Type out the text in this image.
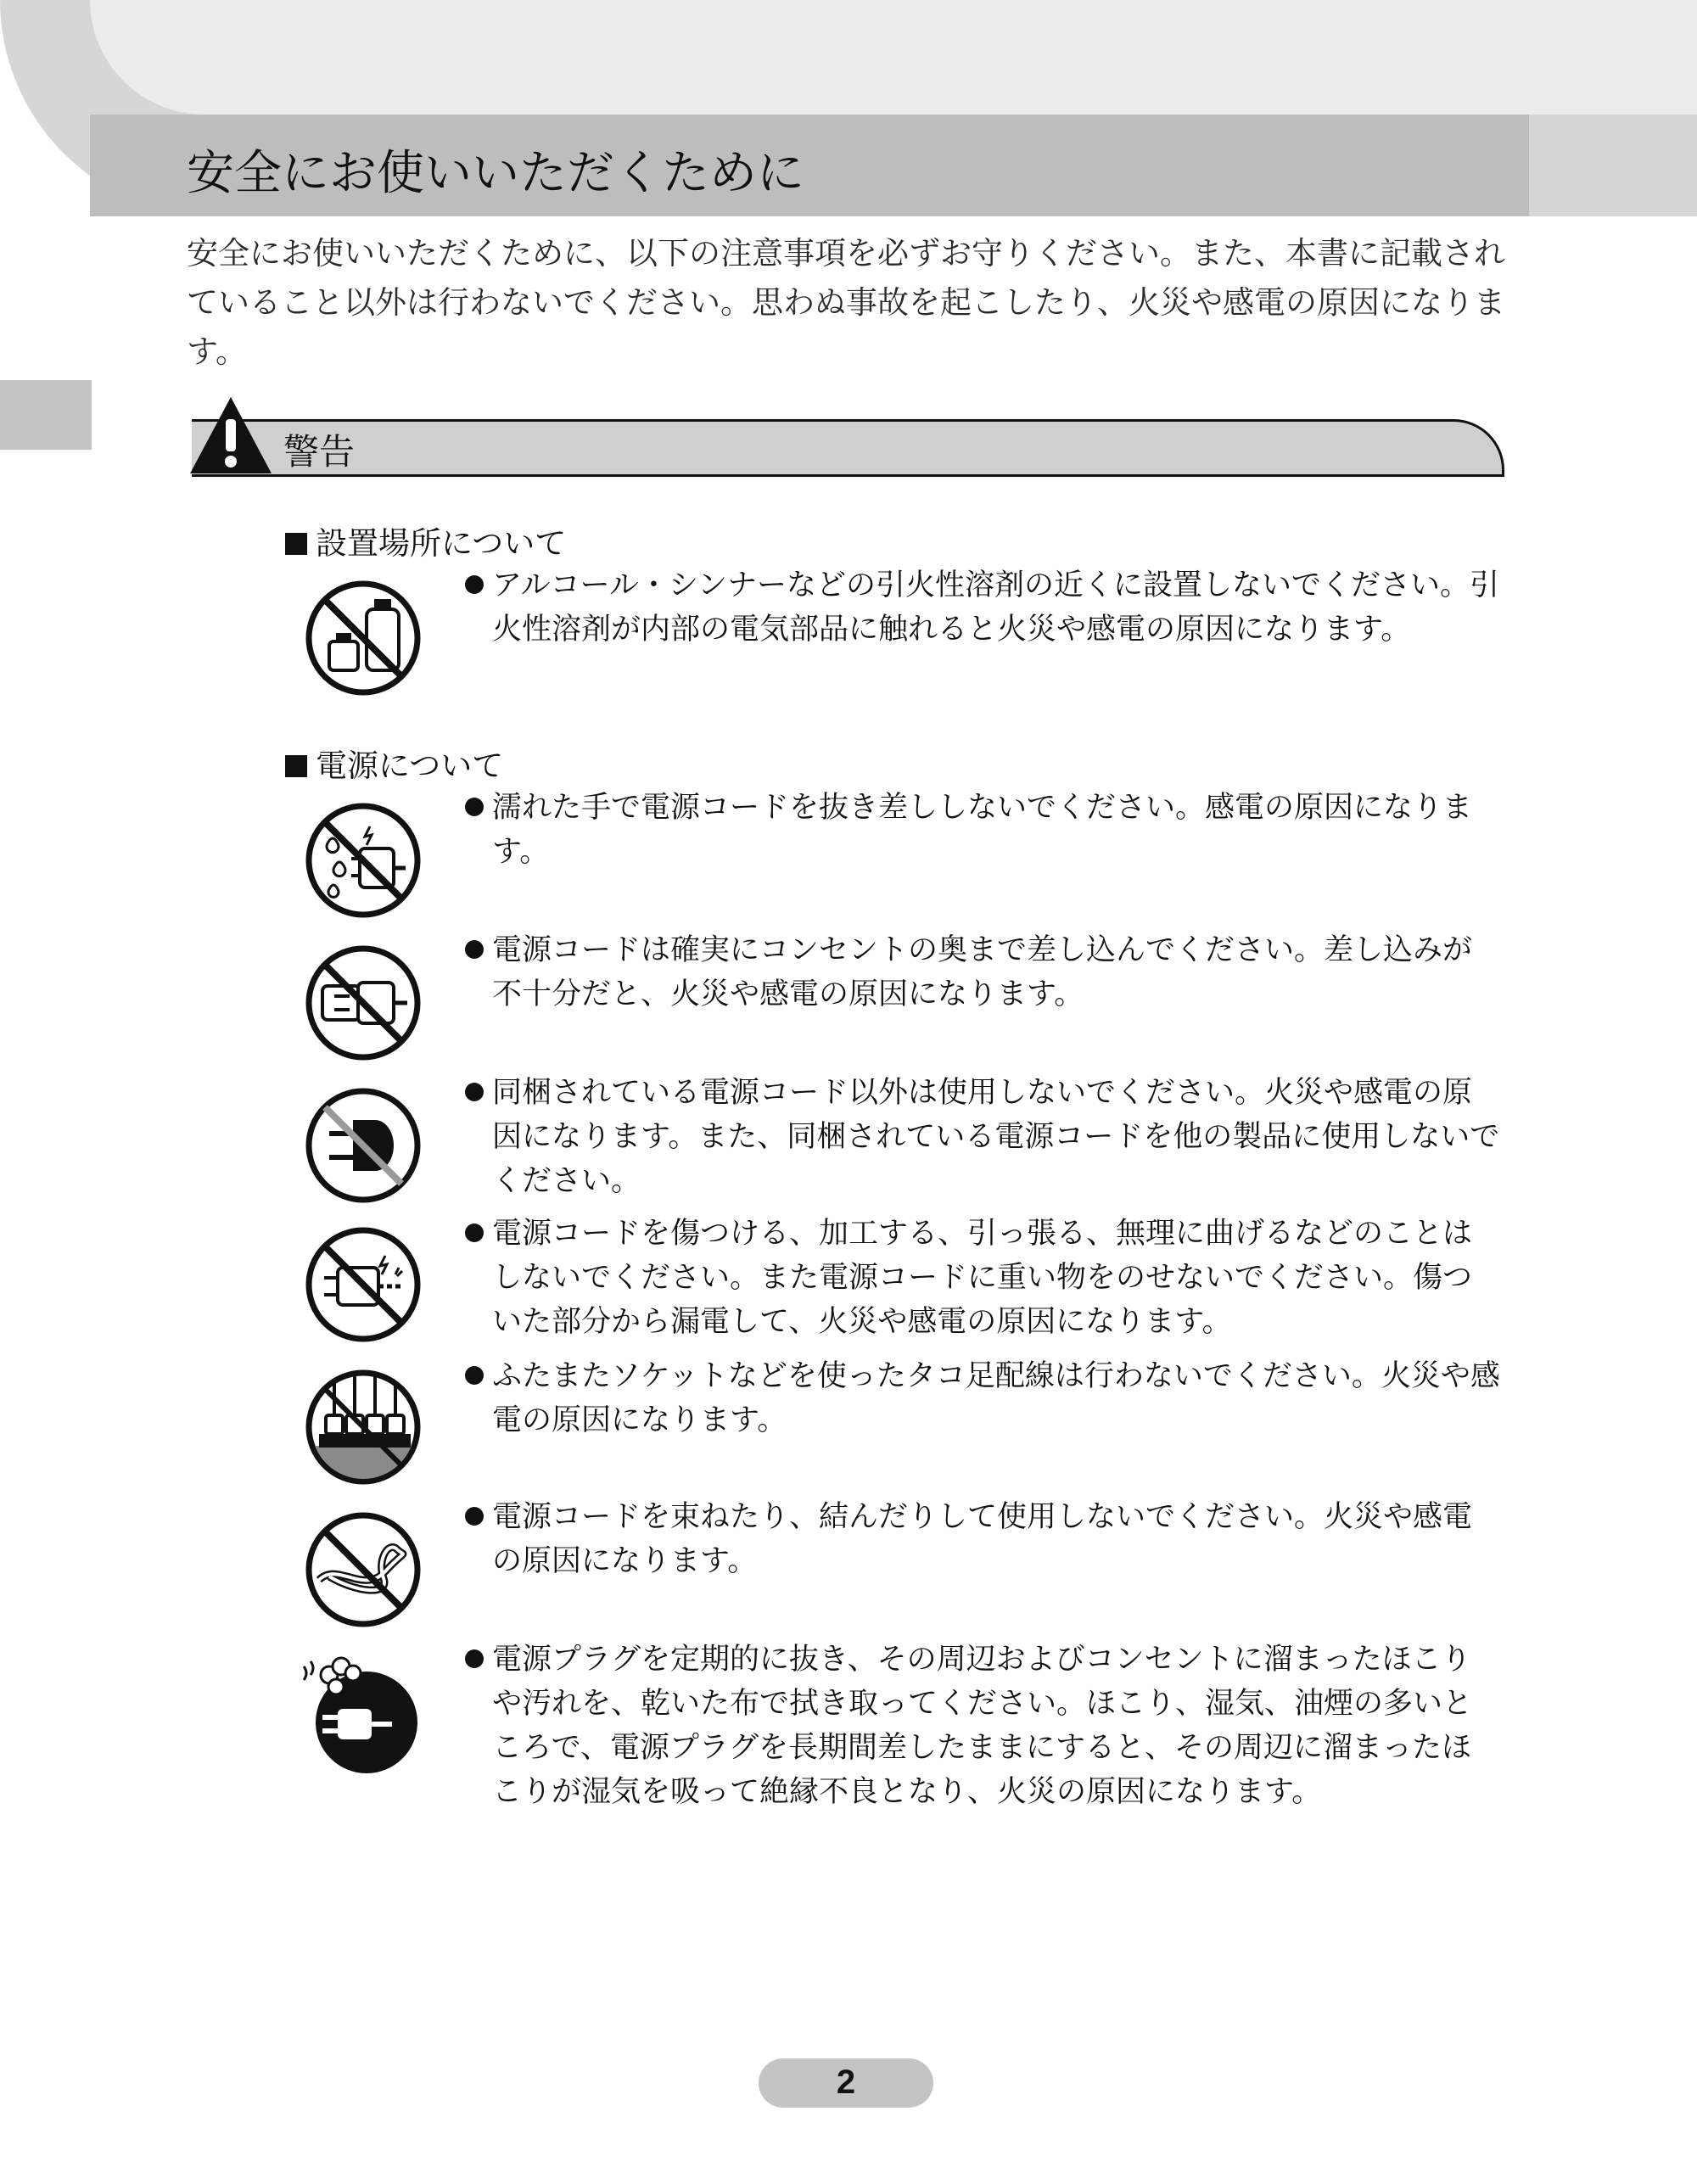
安全にお使いいただくために

安全にお使いいただくために、以下の注意事項を必ずお守りください。また、本書に記載されていること以外は行わないでください。思わぬ事故を起こしたり、火災や感電の原因になります。

警告
設置場所について
アルコール・シンナーなどの引火性溶剤の近くに設置しないでください。引火性溶剤が内部の電気部品に触れると火災や感電の原因になります。
電源について
濡れた手で電源コードを抜き差ししないでください。感電の原因になります。
電源コードは確実にコンセントの奥まで差し込んでください。差し込みが不十分だと、火災や感電の原因になります。
同梱されている電源コード以外は使用しないでください。火災や感電の原因になります。また、同梱されている電源コードを他の製品に使用しないでください。
電源コードを傷つける、加工する、引っ張る、無理に曲げるなどのことはしないでください。また電源コードに重い物をのせないでください。傷ついた部分から漏電して、火災や感電の原因になります。
ふたまたソケットなどを使ったタコ足配線は行わないでください。火災や感電の原因になります。
電源コードを束ねたり、結んだりして使用しないでください。火災や感電の原因になります。
電源プラグを定期的に抜き、その周辺およびコンセントに溜まったほこりや汚れを、乾いた布で拭き取ってください。ほこり、湿気、油煙の多いところで、電源プラグを長期間差したままにすると、その周辺に溜まったほこりが湿気を吸って絶縁不良となり、火災の原因になります。
2
